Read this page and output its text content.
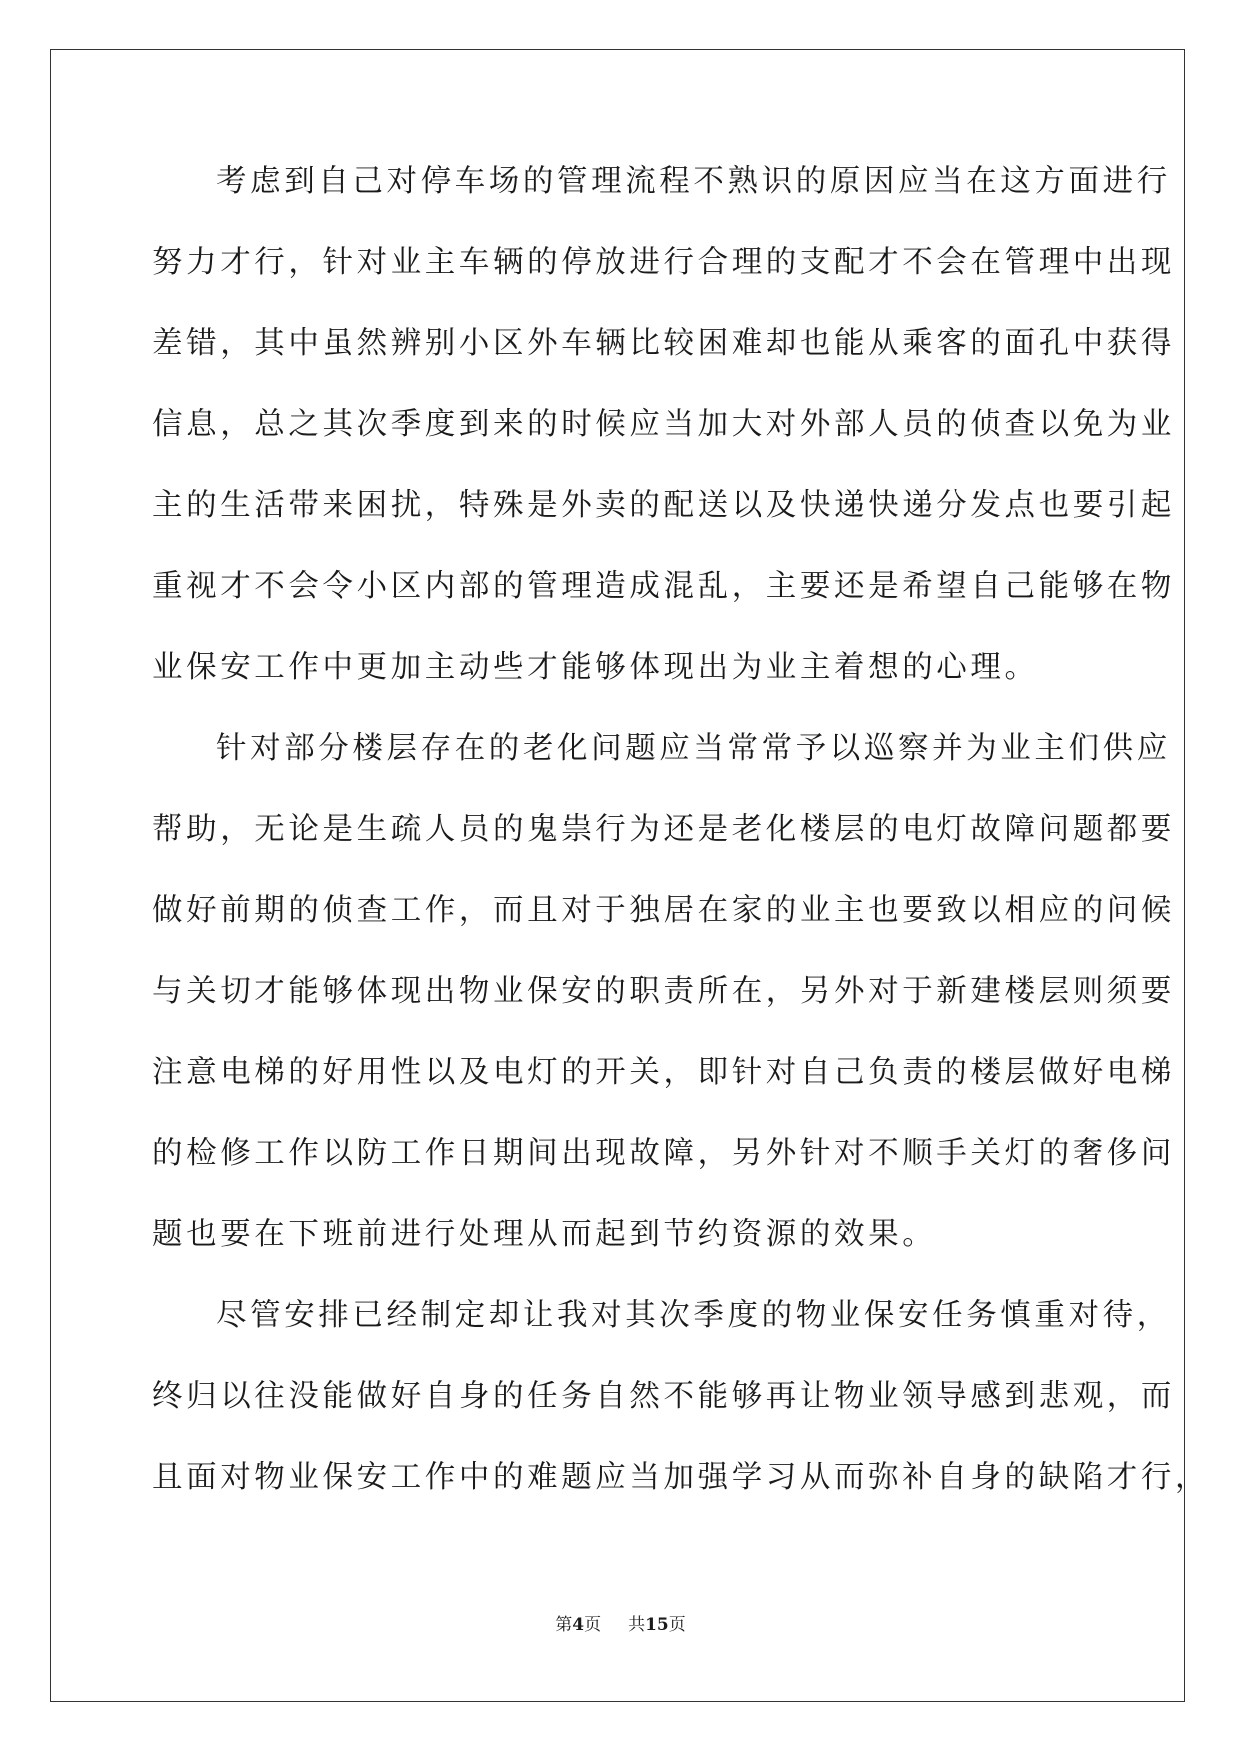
考虑到自己对停车场的管理流程不熟识的原因应当在这方面进行
努力才行，针对业主车辆的停放进行合理的支配才不会在管理中出现
差错，其中虽然辨别小区外车辆比较困难却也能从乘客的面孔中获得
信息，总之其次季度到来的时候应当加大对外部人员的侦查以免为业
主的生活带来困扰，特殊是外卖的配送以及快递快递分发点也要引起
重视才不会令小区内部的管理造成混乱，主要还是希望自己能够在物
业保安工作中更加主动些才能够体现出为业主着想的心理。
针对部分楼层存在的老化问题应当常常予以巡察并为业主们供应
帮助，无论是生疏人员的鬼祟行为还是老化楼层的电灯故障问题都要
做好前期的侦查工作，而且对于独居在家的业主也要致以相应的问候
与关切才能够体现出物业保安的职责所在，另外对于新建楼层则须要
注意电梯的好用性以及电灯的开关，即针对自己负责的楼层做好电梯
的检修工作以防工作日期间出现故障，另外针对不顺手关灯的奢侈问
题也要在下班前进行处理从而起到节约资源的效果。
尽管安排已经制定却让我对其次季度的物业保安任务慎重对待，
终归以往没能做好自身的任务自然不能够再让物业领导感到悲观，而
且面对物业保安工作中的难题应当加强学习从而弥补自身的缺陷才行，
第4页 共15页
